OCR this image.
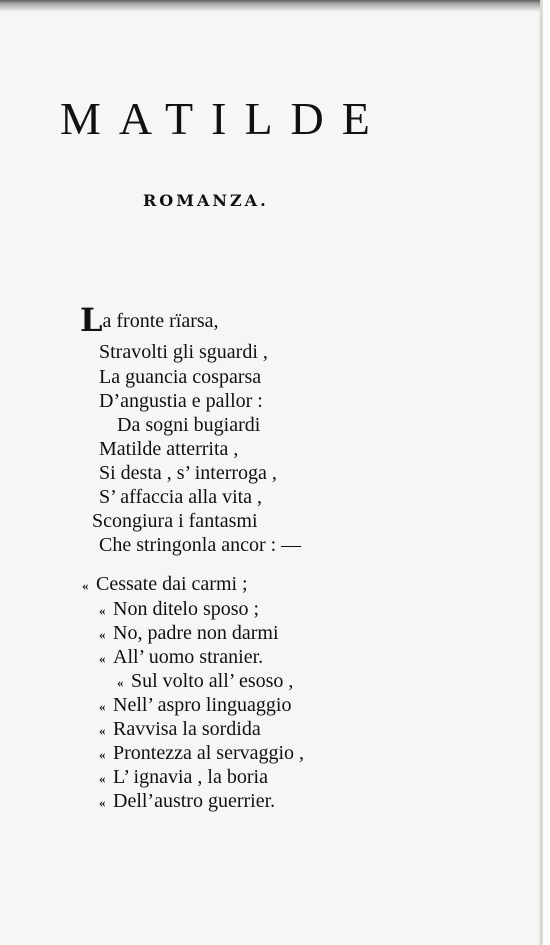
MATILDE
ROMANZA.
La fronte rïarsa,
Stravolti gli sguardi ,
La guancia cosparsa
D’angustia e pallor :
Da sogni bugiardi
Matilde atterrita ,
Si desta , s’ interroga ,
S’ affaccia alla vita ,
Scongiura i fantasmi
Che stringonla ancor : —
« Cessate dai carmi ;
« Non ditelo sposo ;
« No, padre non darmi
« All’ uomo stranier.
« Sul volto all’ esoso ,
« Nell’ aspro linguaggio
« Ravvisa la sordida
« Prontezza al servaggio ,
« L’ ignavia , la boria
« Dell’austro guerrier.
